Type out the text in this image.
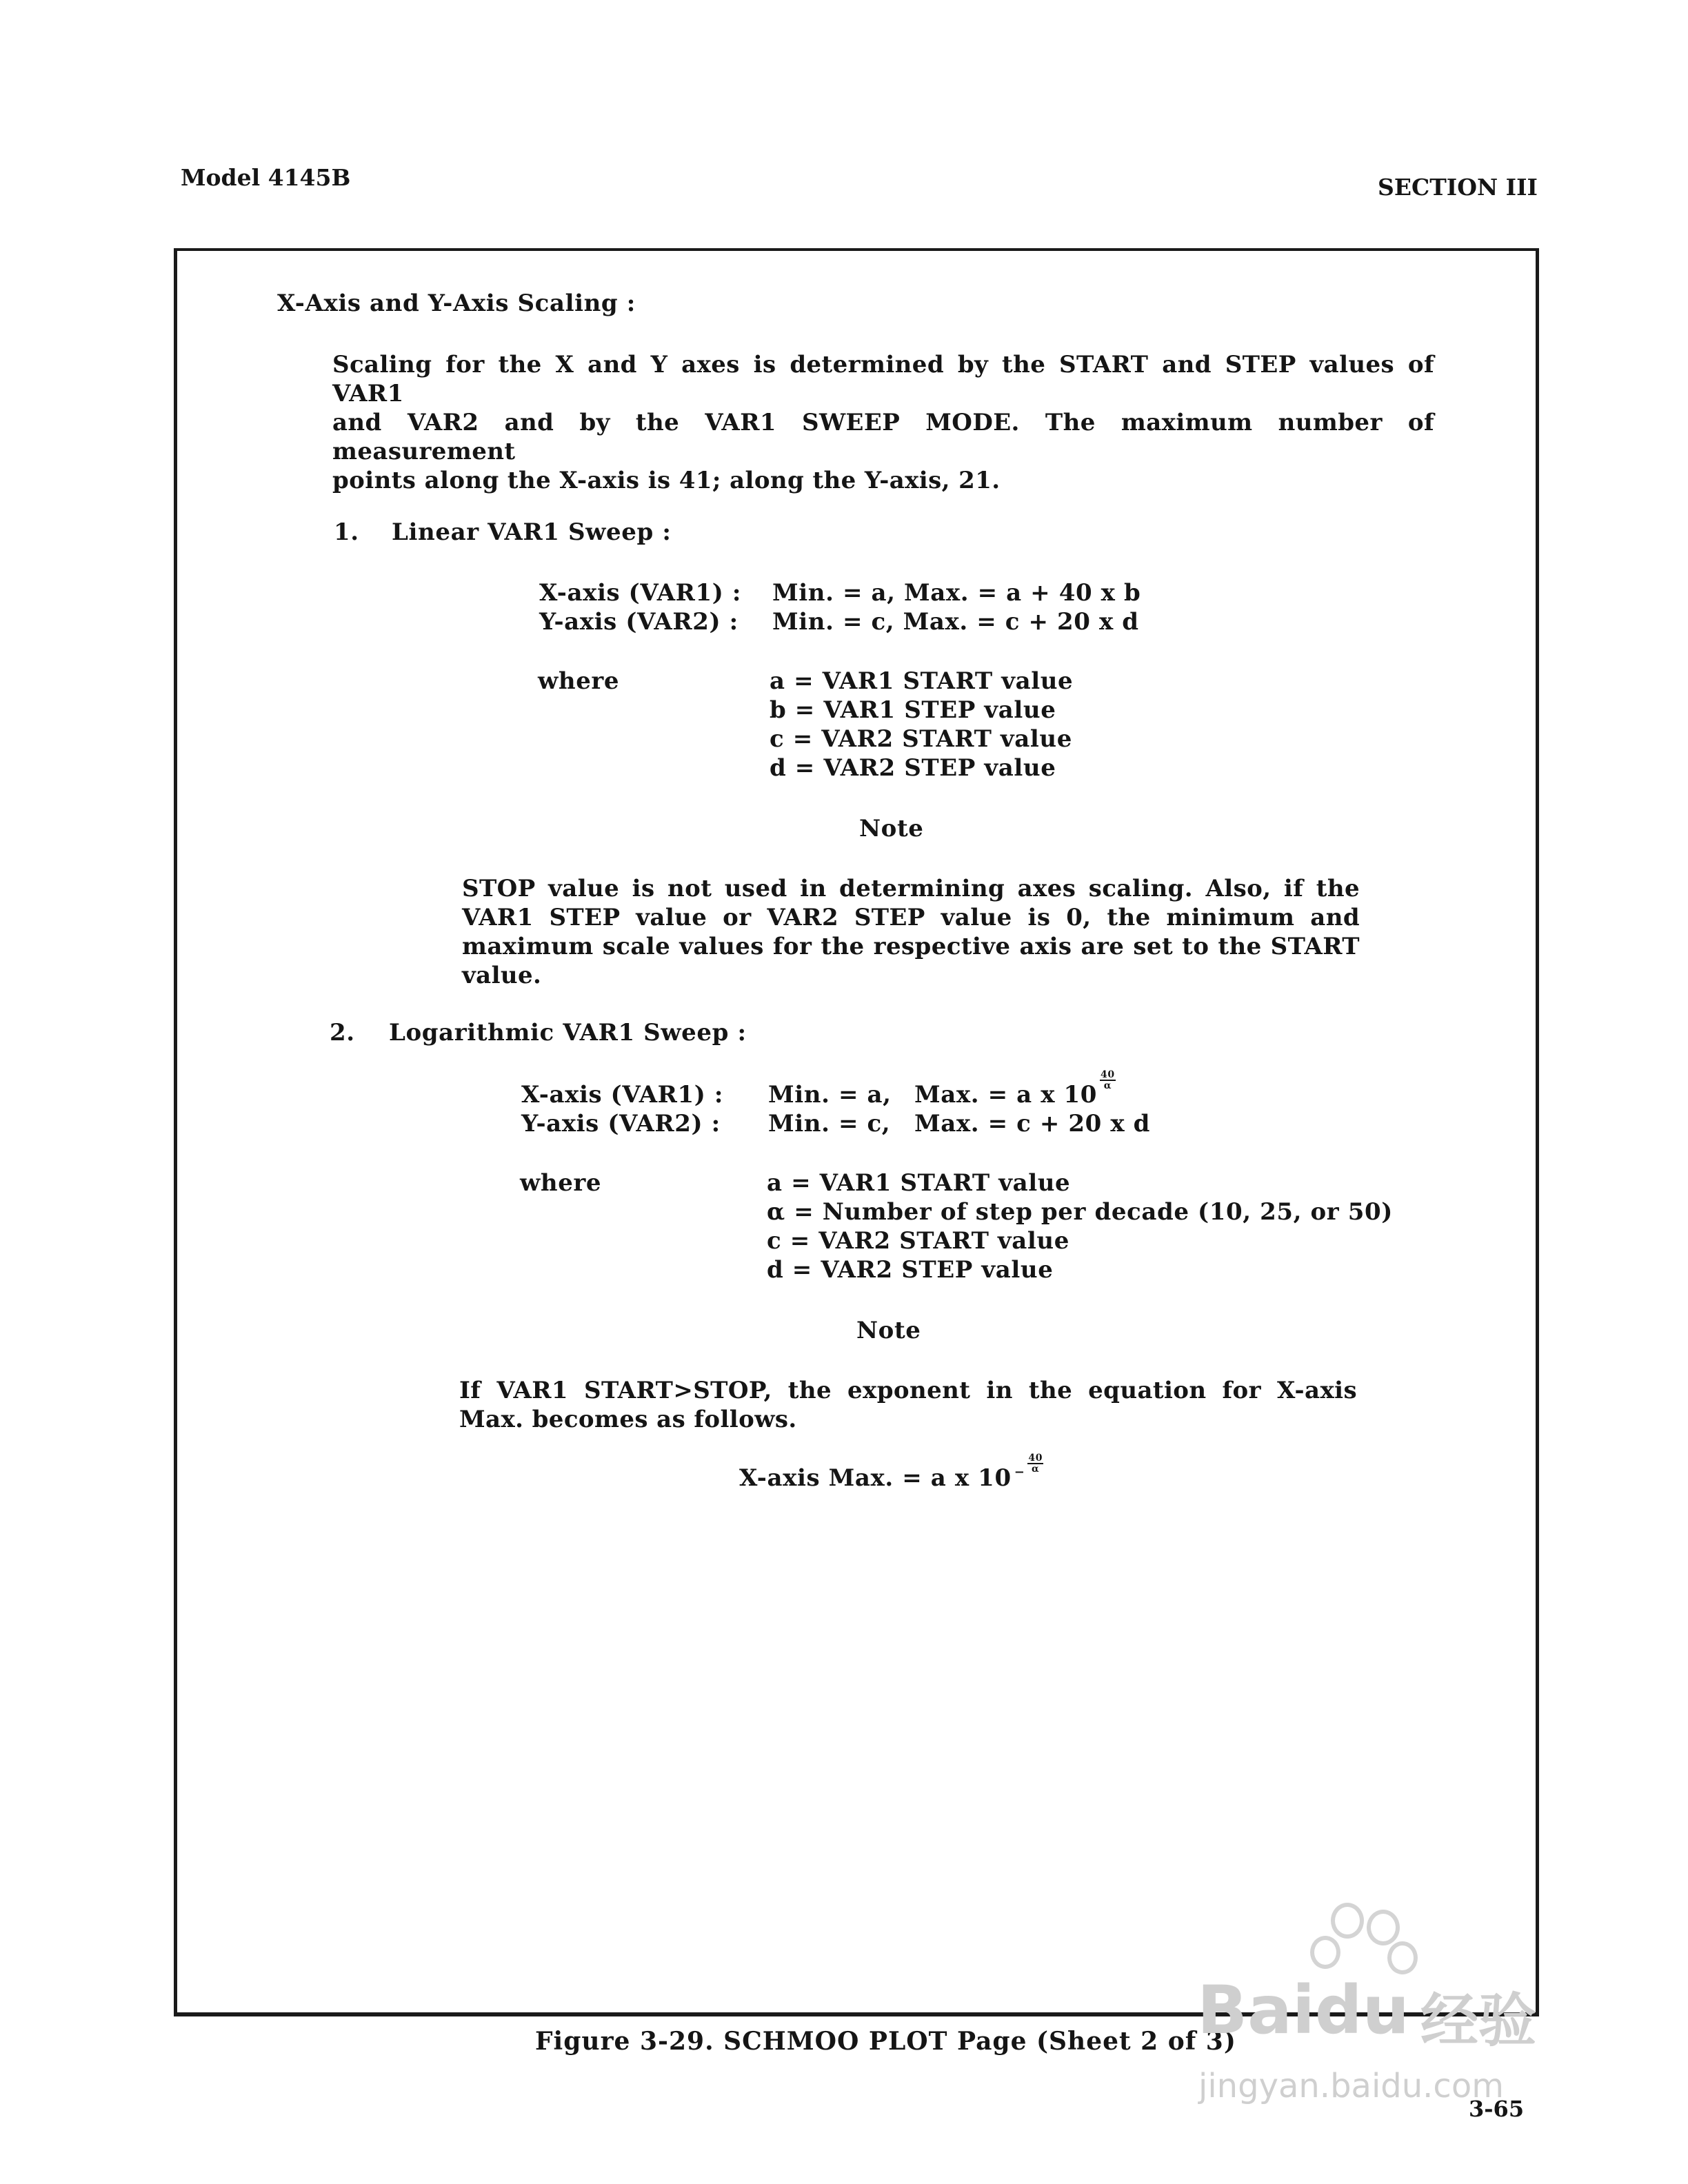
Model 4145B	SECTION III
X-Axis and Y-Axis Scaling :
Scaling for the X and Y axes is determined by the START and STEP values of VAR1
and VAR2 and by the VAR1 SWEEP MODE. The maximum number of measurement
points along the X-axis is 41; along the Y-axis, 21.
1. Linear VAR1 Sweep :
X-axis (VAR1) : Min. = a, Max. = a + 40 x b
Y-axis (VAR2) : Min. = c, Max. = c + 20 x d
where	a = VAR1 START value
b = VAR1 STEP value
c = VAR2 START value
d = VAR2 STEP value
Note
STOP value is not used in determining axes scaling. Also, if the
VAR1 STEP value or VAR2 STEP value is 0, the minimum and
maximum scale values for the respective axis are set to the START
value.
2. Logarithmic VAR1 Sweep :
X-axis (VAR1) : Min. = a, Max. = a x 10
$\frac{40}{\alpha}$
Y-axis (VAR2) : Min. = c, Max. = c + 20 x d
where	a = VAR1 START value
α = Number of step per decade (10, 25, or 50)
c = VAR2 START value
d = VAR2 STEP value
Note
If VAR1 START>STOP, the exponent in the equation for X-axis
Max. becomes as follows.
X-axis Max. = a x 10 $^- \frac{40}{\alpha}$
Figure 3-29. SCHMOO PLOT Page (Sheet 2 of 3)
3-65
Baidu 经验
jingyan.baidu.com
